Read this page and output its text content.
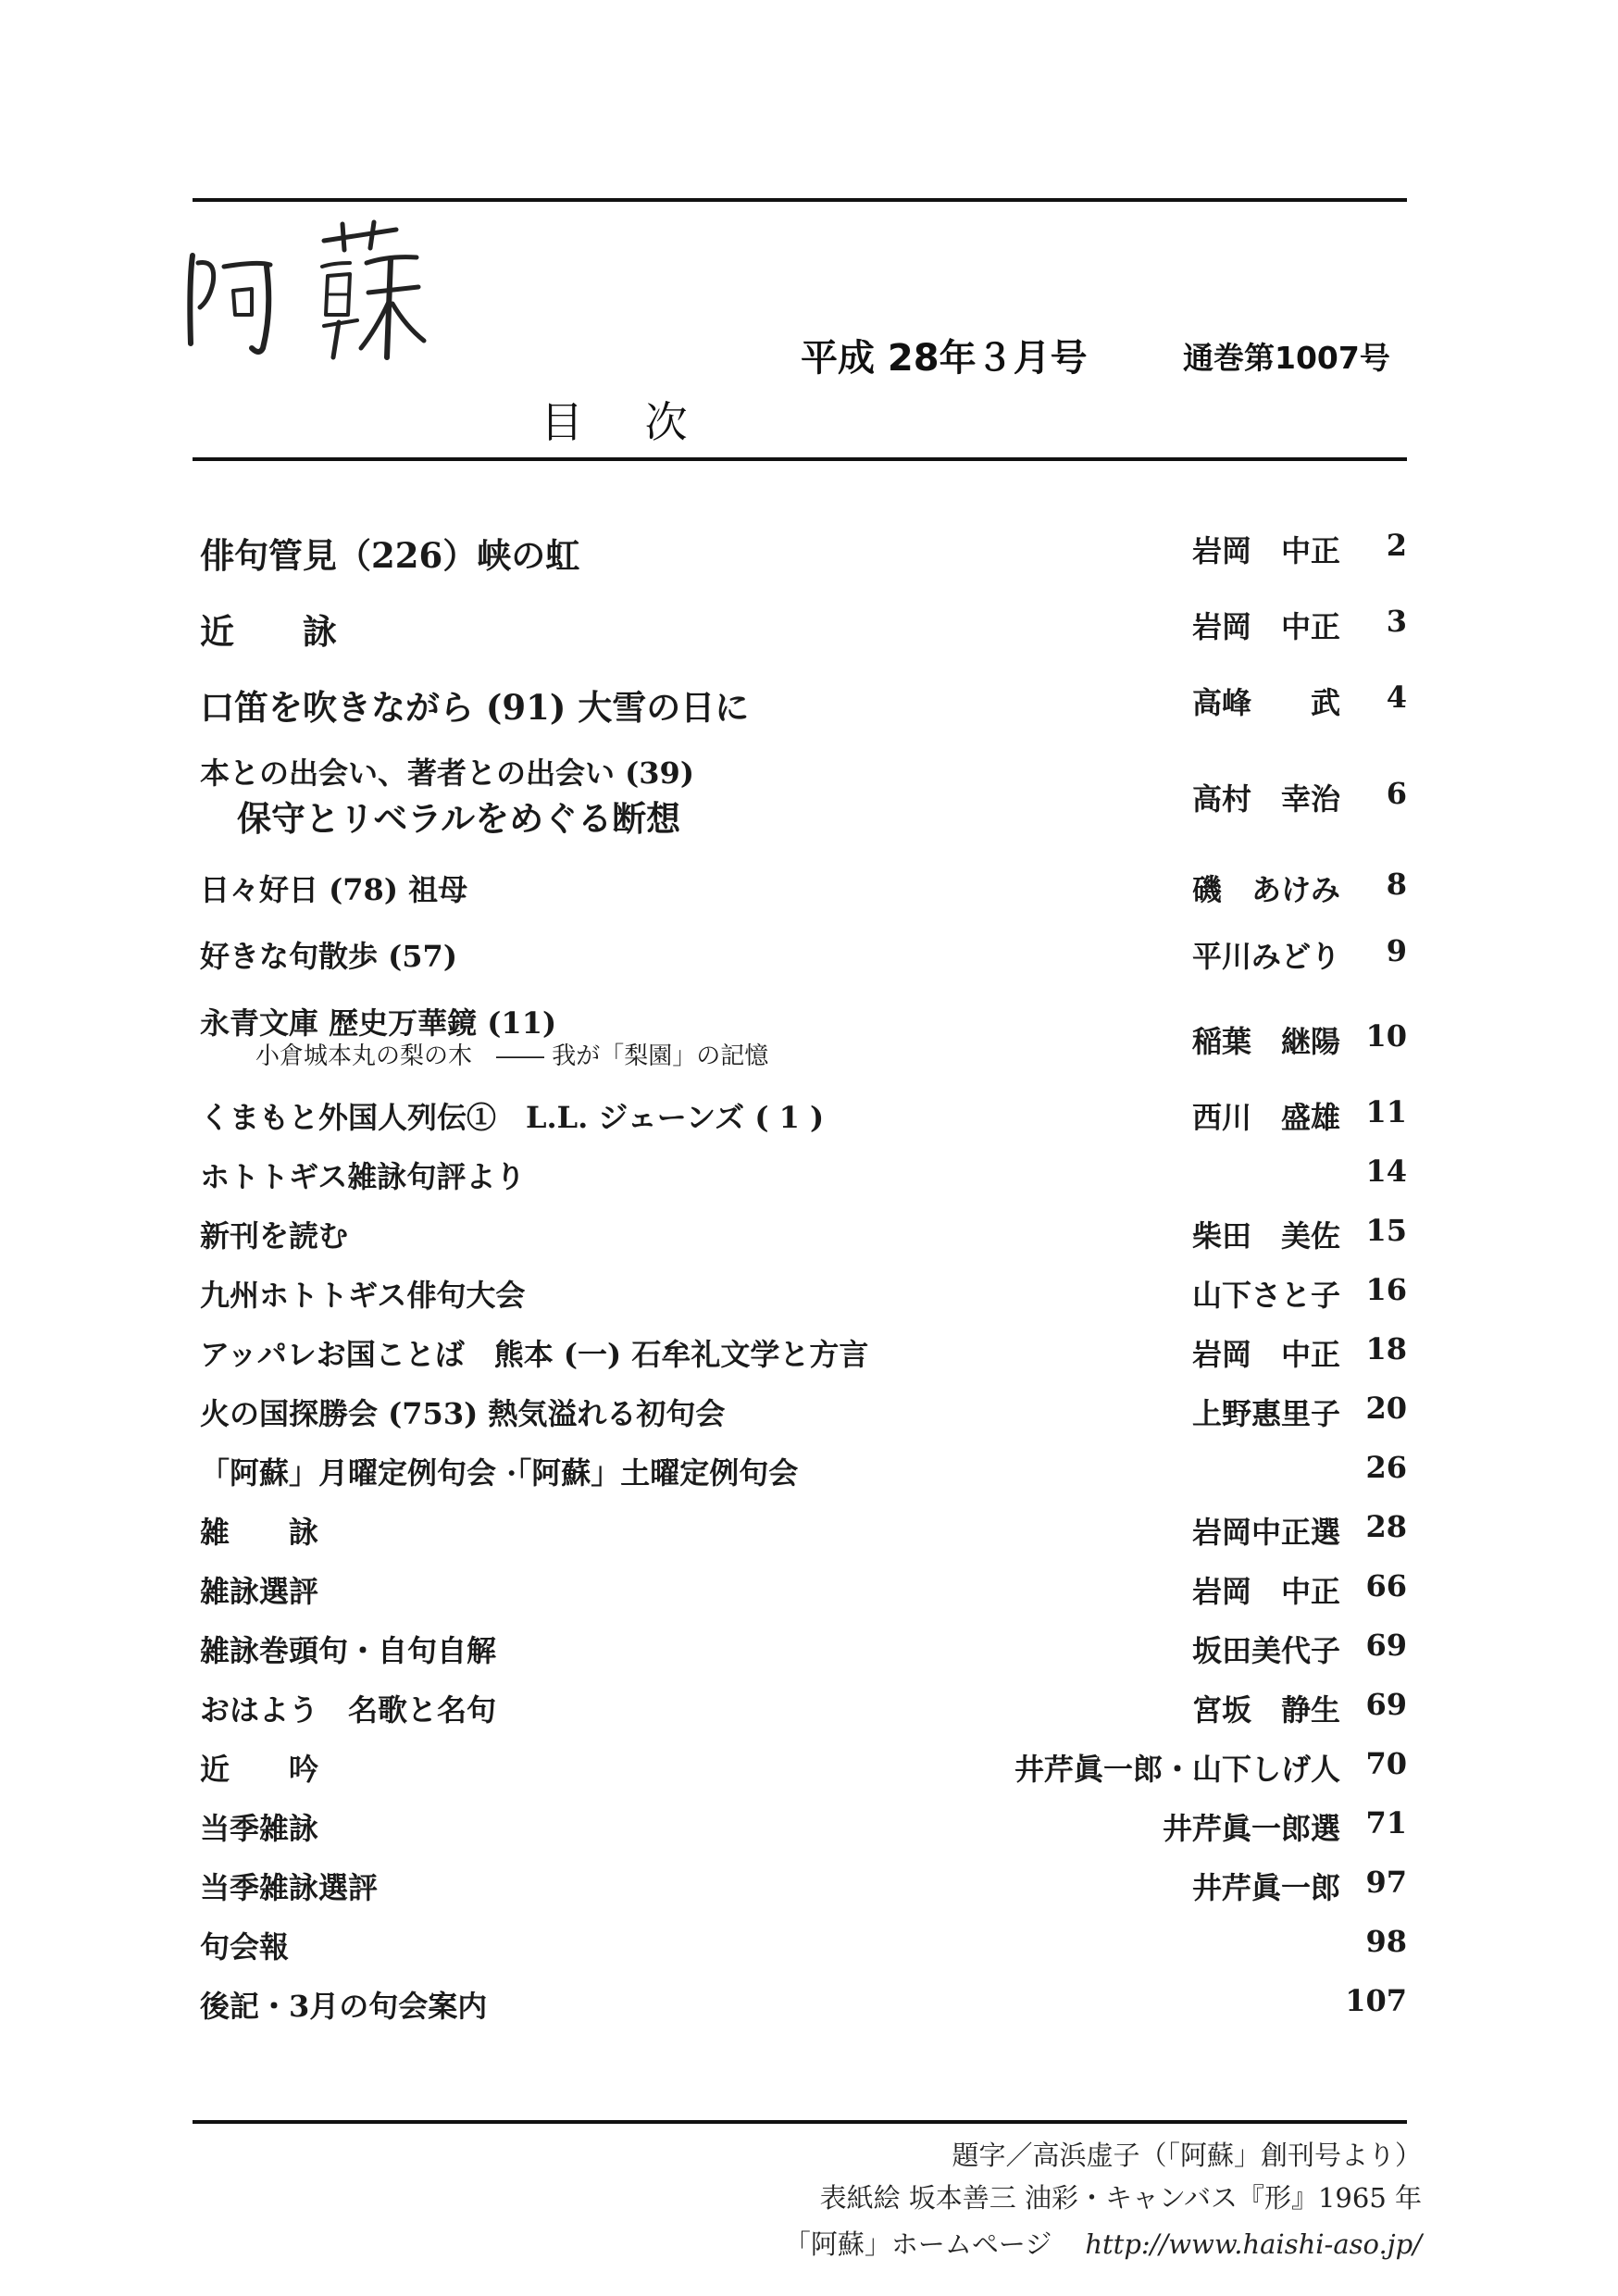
平成 28年３月号	通巻第1007号
目 次
俳句管見（226）峡の虹	岩岡　中正 2
近　　詠	岩岡　中正 3
口笛を吹きながら (91) 大雪の日に	高峰　　武 4
本との出会い、著者との出会い (39)
保守とリベラルをめぐる断想	高村　幸治 6
日々好日 (78) 祖母	磯　あけみ 8
好きな句散歩 (57)	平川みどり 9
永青文庫 歴史万華鏡 (11)
小倉城本丸の梨の木　―― 我が「梨園」の記憶	稲葉　継陽 10
くまもと外国人列伝①　L.L. ジェーンズ ( 1 )	西川　盛雄 11
ホトトギス雑詠句評より	14
新刊を読む	柴田　美佐 15
九州ホトトギス俳句大会	山下さと子 16
アッパレお国ことば　熊本 (一) 石牟礼文学と方言	岩岡　中正 18
火の国探勝会 (753) 熱気溢れる初句会	上野惠里子 20
「阿蘇」月曜定例句会 ·「阿蘇」土曜定例句会	26
雑　　詠	岩岡中正選 28
雑詠選評	岩岡　中正 66
雑詠巻頭句・自句自解	坂田美代子 69
おはよう　名歌と名句	宮坂　静生 69
近　　吟	井芹眞一郎・山下しげ人 70
当季雑詠	井芹眞一郎選 71
当季雑詠選評	井芹眞一郎 97
句会報	98
後記・3月の句会案内	107
題字／高浜虚子（「阿蘇」創刊号より）
表紙絵 坂本善三 油彩・キャンバス『形』1965 年
「阿蘇」ホームページ http://www.haishi-aso.jp/
